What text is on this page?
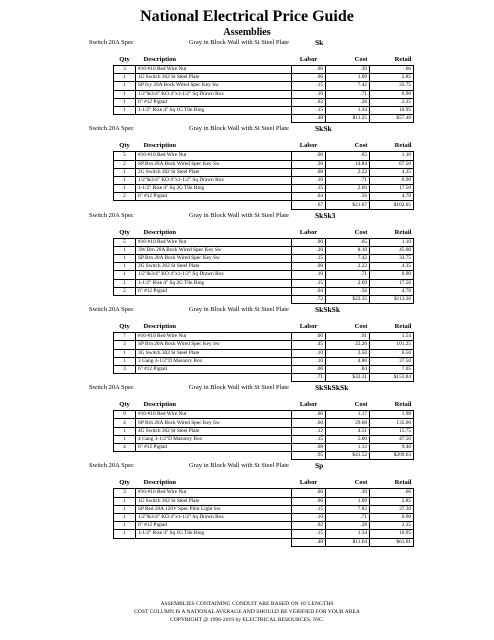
National Electrical Price Guide
Assemblies
Switch 20A Spec	Gray in Block Wall with St Steel Plate	Sk
Qty	Description	Labor	Cost	Retail
3	#16-#10 Red Wire Nut	.00	.39	.66
1	1G Switch 302 St Steel Plate	.06	1.09	2.85
1	SP Ivy 20A Bock Wired Spec Key Sw	.15	7.42	33.75
1	1/2"&3/4" KO 4"x1-1/2" Sq Drawn Box	.10	.71	6.90
1	6" #12 Pigtail	.02	.28	2.35
1	1-1/2" Rise 4" Sq 1G Tile Ring	.15	1.34	10.95
		.48	$11.25	$57.46
Switch 20A Spec	Gray in Block Wall with St Steel Plate	SkSk
Qty	Description	Labor	Cost	Retail
5	#16-#10 Red Wire Nut	.00	.65	1.10
2	SP Brn 20A Bock Wired Spec Key Sw	.30	14.84	67.50
1	2G Switch 302 St Steel Plate	.08	2.22	4.35
1	1/2"&3/4" KO 4"x1-1/2" Sq Drawn Box	.10	.71	6.90
1	1-1/2" Rise 4" Sq 2G Tile Ring	.15	2.69	17.50
2	6" #12 Pigtail	.04	.56	4.70
		.67	$21.67	$102.05
Switch 20A Spec	Gray in Block Wall with St Steel Plate	SkSk3
Qty	Description	Labor	Cost	Retail
5	#16-#10 Red Wire Nut	.00	.65	1.10
1	3W Brn 20A Bock Wired Spec Key Sw	.20	8.10	45.00
1	SP Brn 20A Bock Wired Spec Key Sw	.15	7.42	33.75
1	2G Switch 302 St Steel Plate	.08	2.22	4.35
1	1/2"&3/4" KO 4"x1-1/2" Sq Drawn Box	.10	.71	6.90
1	1-1/2" Rise 4" Sq 2G Tile Ring	.15	2.69	17.50
2	6" #12 Pigtail	.04	.56	4.70
		.72	$22.35	$113.30
Switch 20A Spec	Gray in Block Wall with St Steel Plate	SkSkSk
Qty	Description	Labor	Cost	Retail
7	#16-#10 Red Wire Nut	.00	.91	1.54
3	SP Brn 20A Bock Wired Spec Key Sw	.45	22.26	101.25
1	3G Switch 302 St Steel Plate	.10	3.50	6.50
1	3 Gang 3-1/2"D Masonry Box	.10	4.80	37.50
3	6" #12 Pigtail	.06	.84	7.05
		.71	$32.31	$153.84
Switch 20A Spec	Gray in Block Wall with St Steel Plate	SkSkSkSk
Qty	Description	Labor	Cost	Retail
9	#16-#10 Red Wire Nut	.00	1.17	1.98
4	SP Brn 20A Bock Wired Spec Key Sw	.60	29.68	135.00
1	4G Switch 302 St Steel Plate	.12	4.51	15.75
1	4 Gang 3-1/2"D Masonry Box	.15	5.00	47.50
4	6" #12 Pigtail	.08	1.12	9.40
		.95	$41.52	$209.63
Switch 20A Spec	Gray in Block Wall with St Steel Plate	Sp
Qty	Description	Labor	Cost	Retail
3	#16-#10 Red Wire Nut	.00	.39	.66
1	1G Switch 302 St Steel Plate	.06	1.09	2.85
1	SP Red 20A 120V Spec Pilot Light Sw	.15	7.83	37.30
1	1/2"&3/4" KO 4"x1-1/2" Sq Drawn Box	.10	.71	6.90
1	6" #12 Pigtail	.02	.28	2.35
1	1-1/2" Rise 4" Sq 1G Tile Ring	.15	1.34	10.95
		.48	$11.64	$61.01
ASSEMBLIES CONTAINING CONDUIT ARE BASED ON 10' LENGTHS
COST COLUMN IS A NATIONAL AVERAGE AND SHOULD BE VERIFIED FOR YOUR AREA
COPYRIGHT @ 1996-2019 by ELECTRICAL RESOURCES, INC.
